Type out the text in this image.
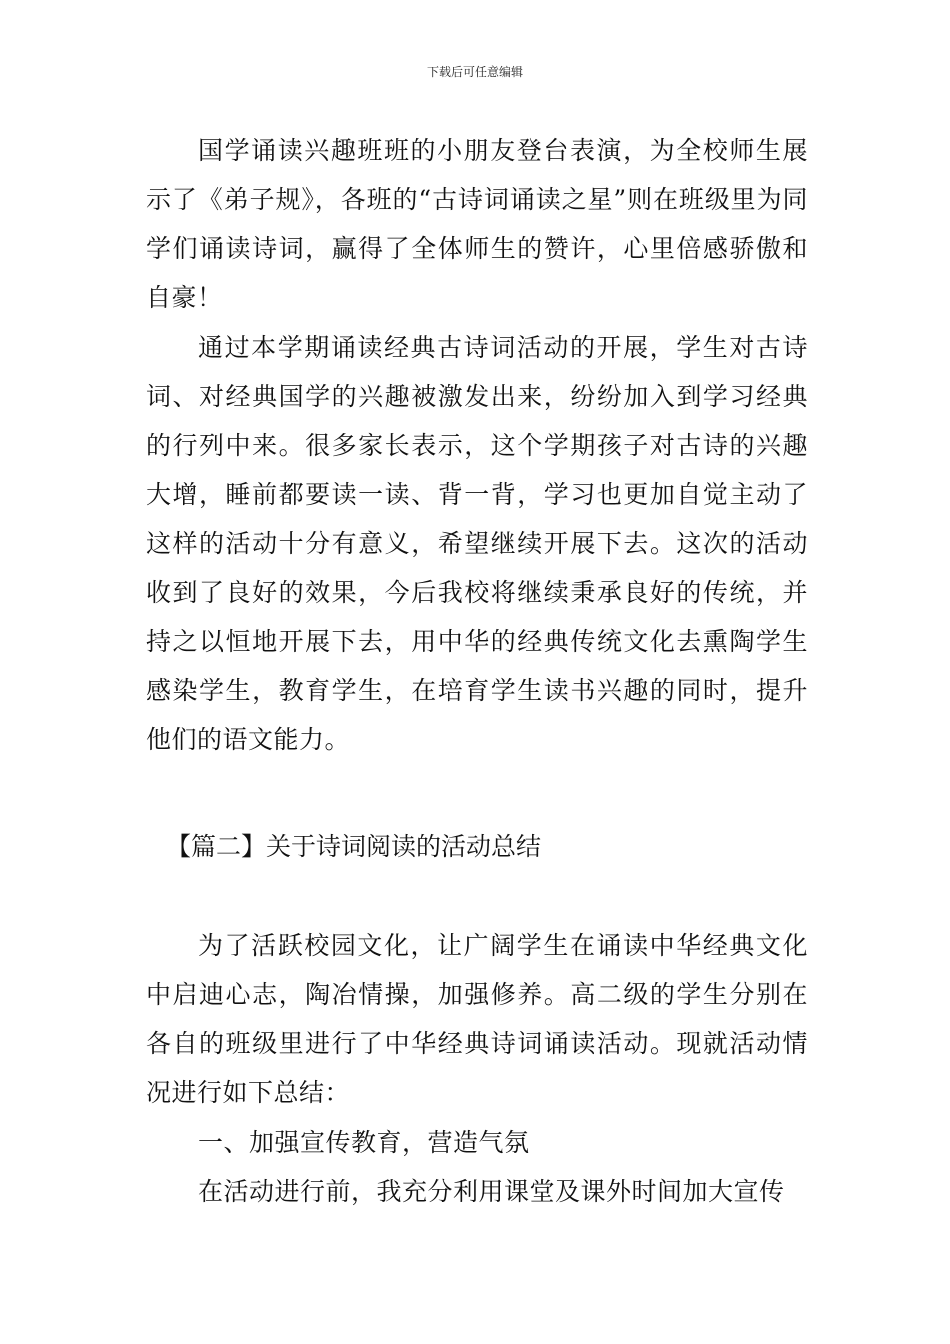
下载后可任意编辑

国学诵读兴趣班班的小朋友登台表演，为全校师生展示了《弟子规》，各班的“古诗词诵读之星”则在班级里为同学们诵读诗词，赢得了全体师生的赞许，心里倍感骄傲和自豪！

通过本学期诵读经典古诗词活动的开展，学生对古诗词、对经典国学的兴趣被激发出来，纷纷加入到学习经典的行列中来。很多家长表示，这个学期孩子对古诗的兴趣大增，睡前都要读一读、背一背，学习也更加自觉主动了这样的活动十分有意义，希望继续开展下去。这次的活动收到了良好的效果，今后我校将继续秉承良好的传统，并持之以恒地开展下去，用中华的经典传统文化去熏陶学生感染学生，教育学生，在培育学生读书兴趣的同时，提升他们的语文能力。

【篇二】关于诗词阅读的活动总结

为了活跃校园文化，让广阔学生在诵读中华经典文化中启迪心志，陶冶情操，加强修养。高二级的学生分别在各自的班级里进行了中华经典诗词诵读活动。现就活动情况进行如下总结：

一、加强宣传教育，营造气氛

在活动进行前，我充分利用课堂及课外时间加大宣传
